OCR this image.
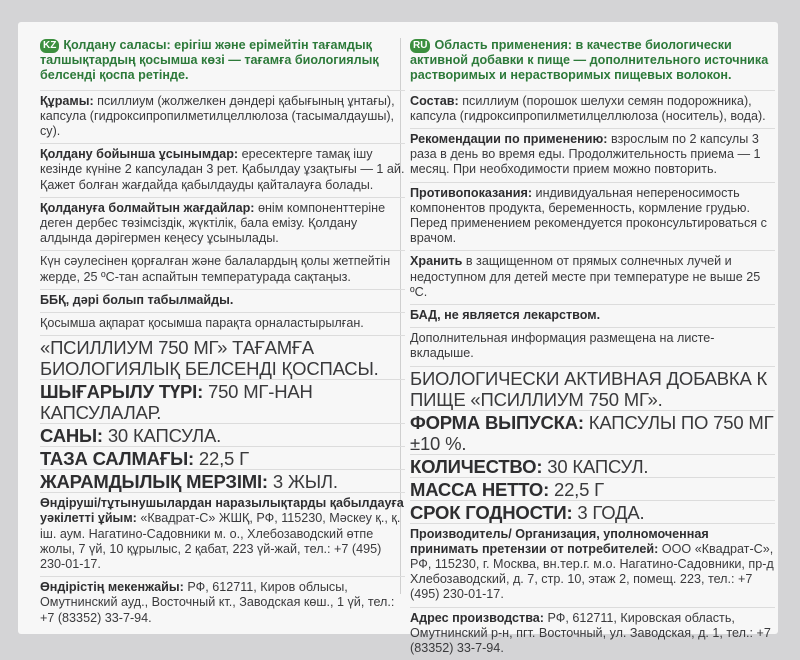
KZ Қолдану саласы: ерігіш және ерімейтін тағамдық талшықтардың қосымша көзі — тағамға биологиялық белсенді қоспа ретінде.
Құрамы: псиллиум (жолжелкен дәндері қабығының ұнтағы), капсула (гидроксипропилметилцеллюлоза (тасымалдаушы), су).
Қолдану бойынша ұсынымдар: ересектерге тамақ ішу кезінде күніне 2 капсуладан 3 рет. Қабылдау ұзақтығы — 1 ай. Қажет болған жағдайда қабылдауды қайталауға болады.
Қолдануға болмайтын жағдайлар: өнім компоненттеріне деген дербес төзімсіздік, жүктілік, бала емізу. Қолдану алдында дәрігермен кеңесу ұсынылады.
Күн сәулесінен қорғалған және балалардың қолы жетпейтін жерде, 25 ºС-тан аспайтын температурада сақтаңыз.
ББҚ, дәрі болып табылмайды.
Қосымша ақпарат қосымша парақта орналастырылған.
«ПСИЛЛИУМ 750 МГ» ТАҒАМҒА БИОЛОГИЯЛЫҚ БЕЛСЕНДІ ҚОСПАСЫ.
ШЫҒАРЫЛУ ТҮРІ: 750 МГ-НАН КАПСУЛАЛАР.
САНЫ: 30 КАПСУЛА.
ТАЗА САЛМАҒЫ: 22,5 Г
ЖАРАМДЫЛЫҚ МЕРЗІМІ: 3 ЖЫЛ.
Өндіруші/тұтынушылардан наразылықтарды қабылдауға уәкілетті ұйым: «Квадрат-С» ЖШҚ, РФ, 115230, Мәскеу қ., қ. іш. аум. Нагатино-Садовники м. о., Хлебозаводский өтпе жолы, 7 үй, 10 құрылыс, 2 қабат, 223 үй-жай, тел.: +7 (495) 230-01-17.
Өндірістің мекенжайы: РФ, 612711, Киров облысы, Омутнинский ауд., Восточный кт., Заводская көш., 1 үй, тел.: +7 (83352) 33-7-94.
RU Область применения: в качестве биологически активной добавки к пище — дополнительного источника растворимых и нерастворимых пищевых волокон.
Состав: псиллиум (порошок шелухи семян подорожника), капсула (гидроксипропилметилцеллюлоза (носитель), вода).
Рекомендации по применению: взрослым по 2 капсулы 3 раза в день во время еды. Продолжительность приема — 1 месяц. При необходимости прием можно повторить.
Противопоказания: индивидуальная непереносимость компонентов продукта, беременность, кормление грудью. Перед применением рекомендуется проконсультироваться с врачом.
Хранить в защищенном от прямых солнечных лучей и недоступном для детей месте при температуре не выше 25 ºС.
БАД, не является лекарством.
Дополнительная информация размещена на листе-вкладыше.
БИОЛОГИЧЕСКИ АКТИВНАЯ ДОБАВКА К ПИЩЕ «ПСИЛЛИУМ 750 МГ».
ФОРМА ВЫПУСКА: КАПСУЛЫ ПО 750 МГ ±10 %.
КОЛИЧЕСТВО: 30 КАПСУЛ.
МАССА НЕТТО: 22,5 Г
СРОК ГОДНОСТИ: 3 ГОДА.
Производитель/ Организация, уполномоченная принимать претензии от потребителей: ООО «Квадрат-С», РФ, 115230, г. Москва, вн.тер.г. м.о. Нагатино-Садовники, пр-д Хлебозаводский, д. 7, стр. 10, этаж 2, помещ. 223, тел.: +7 (495) 230-01-17.
Адрес производства: РФ, 612711, Кировская область, Омутнинский р-н, пгт. Восточный, ул. Заводская, д. 1, тел.: +7 (83352) 33-7-94.
